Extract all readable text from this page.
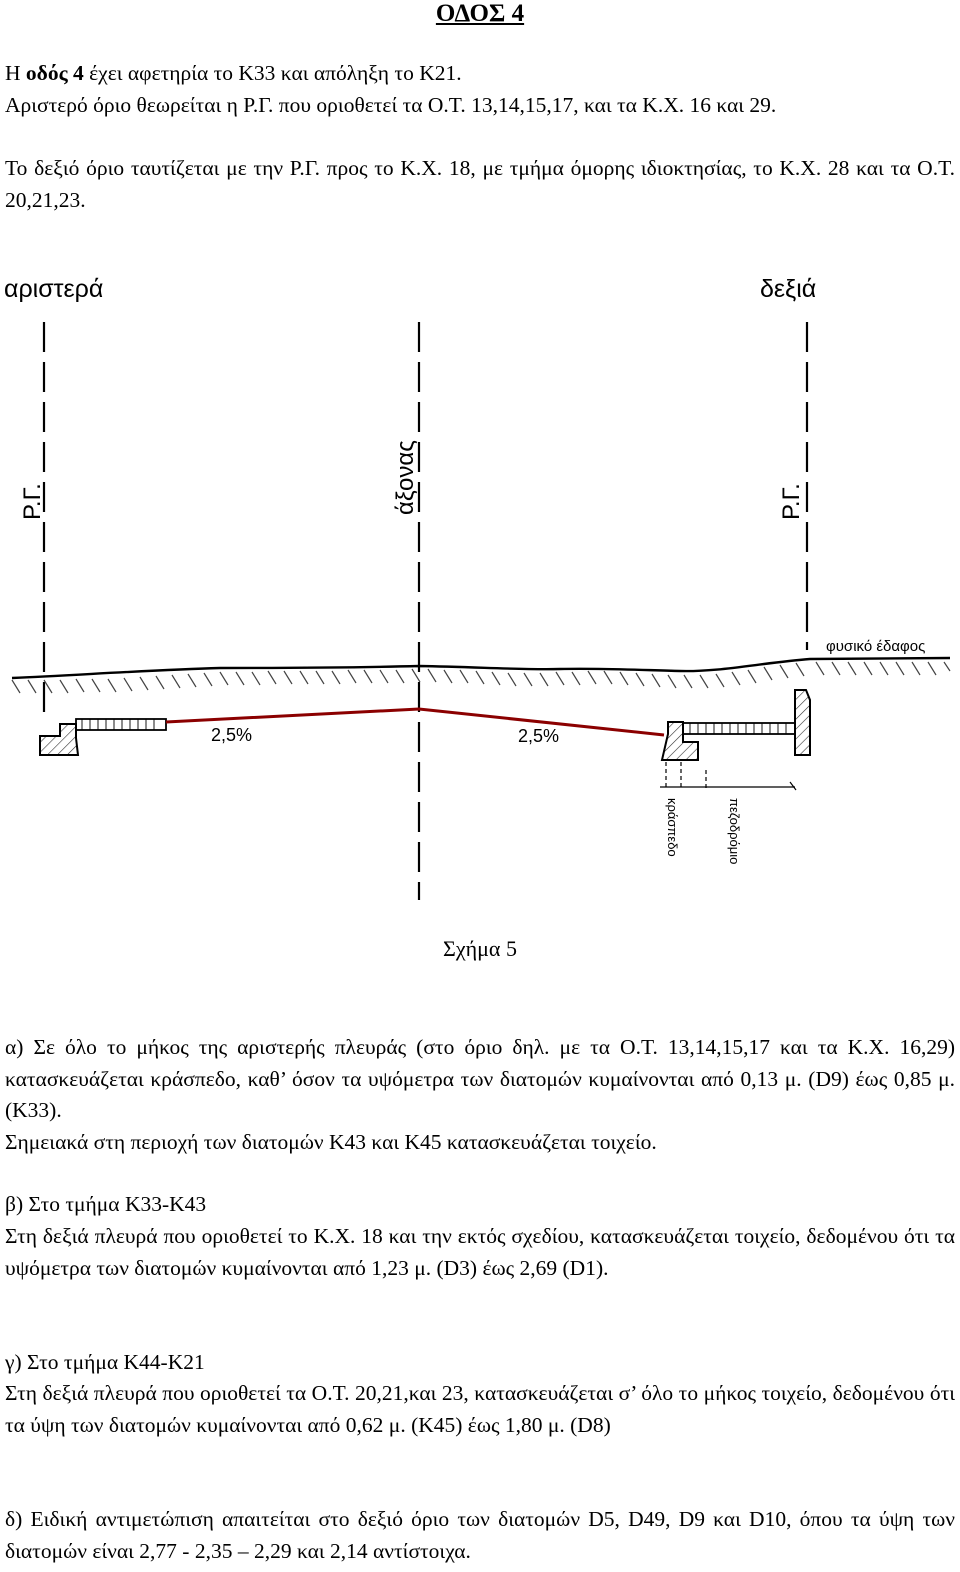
ΟΔΟΣ 4
Η οδός 4 έχει αφετηρία το Κ33 και απόληξη το Κ21.

Αριστερό όριο θεωρείται η Ρ.Γ. που οριοθετεί τα Ο.Τ. 13,14,15,17, και τα Κ.Χ. 16 και 29.

Το δεξιό όριο ταυτίζεται με την Ρ.Γ. προς το Κ.Χ. 18, με τμήμα όμορης ιδιοκτησίας, το Κ.Χ. 28 και τα Ο.Τ. 20,21,23.

αριστερά	δεξιά
Ρ.Γ.	άξονας	Ρ.Γ.
φυσικό έδαφος
2,5%	2,5%
κράσπεδο	πεζοδρόμιο
Σχήμα 5

α) Σε όλο το μήκος της αριστερής πλευράς (στο όριο δηλ. με τα Ο.Τ. 13,14,15,17 και τα Κ.Χ. 16,29) κατασκευάζεται κράσπεδο, καθ’ όσον τα υψόμετρα των διατομών κυμαίνονται από 0,13 μ. (D9) έως 0,85 μ. (Κ33).

Σημειακά στη περιοχή των διατομών Κ43 και Κ45 κατασκευάζεται τοιχείο.

β) Στο τμήμα Κ33-Κ43

Στη δεξιά πλευρά που οριοθετεί το Κ.Χ. 18 και την εκτός σχεδίου, κατασκευάζεται τοιχείο, δεδομένου ότι τα υψόμετρα των διατομών κυμαίνονται από 1,23 μ. (D3) έως 2,69 (D1).

γ) Στο τμήμα Κ44-Κ21

Στη δεξιά πλευρά που οριοθετεί τα Ο.Τ. 20,21,και 23, κατασκευάζεται σ’ όλο το μήκος τοιχείο, δεδομένου ότι τα ύψη των διατομών κυμαίνονται από 0,62 μ. (Κ45) έως 1,80 μ. (D8)

δ) Ειδική αντιμετώπιση απαιτείται στο δεξιό όριο των διατομών D5, D49, D9 και D10, όπου τα ύψη των διατομών είναι 2,77 - 2,35 – 2,29 και 2,14 αντίστοιχα.
